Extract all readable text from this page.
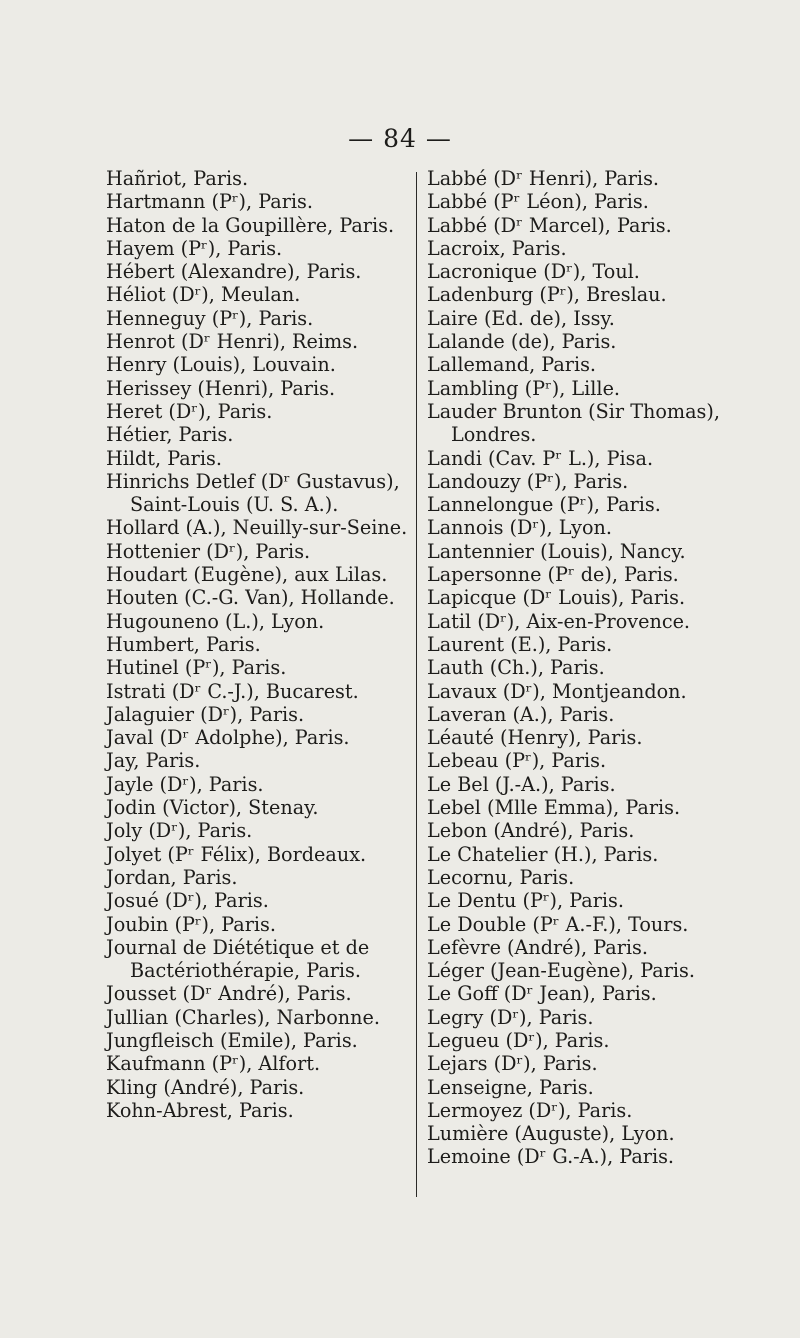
— 84 —
Hañriot, Paris.
Hartmann (Pʳ), Paris.
Haton de la Goupillère, Paris.
Hayem (Pʳ), Paris.
Hébert (Alexandre), Paris.
Héliot (Dʳ), Meulan.
Henneguy (Pʳ), Paris.
Henrot (Dʳ Henri), Reims.
Henry (Louis), Louvain.
Herissey (Henri), Paris.
Heret (Dʳ), Paris.
Hétier, Paris.
Hildt, Paris.
Hinrichs Detlef (Dʳ Gustavus), Saint-Louis (U. S. A.).
Hollard (A.), Neuilly-sur-Seine.
Hottenier (Dʳ), Paris.
Houdart (Eugène), aux Lilas.
Houten (C.-G. Van), Hollande.
Hugouneno (L.), Lyon.
Humbert, Paris.
Hutinel (Pʳ), Paris.
Istrati (Dʳ C.-J.), Bucarest.
Jalaguier (Dʳ), Paris.
Javal (Dʳ Adolphe), Paris.
Jay, Paris.
Jayle (Dʳ), Paris.
Jodin (Victor), Stenay.
Joly (Dʳ), Paris.
Jolyet (Pʳ Félix), Bordeaux.
Jordan, Paris.
Josué (Dʳ), Paris.
Joubin (Pʳ), Paris.
Journal de Diététique et de Bactériothérapie, Paris.
Jousset (Dʳ André), Paris.
Jullian (Charles), Narbonne.
Jungfleisch (Emile), Paris.
Kaufmann (Pʳ), Alfort.
Kling (André), Paris.
Kohn-Abrest, Paris.
Labbé (Dʳ Henri), Paris.
Labbé (Pʳ Léon), Paris.
Labbé (Dʳ Marcel), Paris.
Lacroix, Paris.
Lacronique (Dʳ), Toul.
Ladenburg (Pʳ), Breslau.
Laire (Ed. de), Issy.
Lalande (de), Paris.
Lallemand, Paris.
Lambling (Pʳ), Lille.
Lauder Brunton (Sir Thomas), Londres.
Landi (Cav. Pʳ L.), Pisa.
Landouzy (Pʳ), Paris.
Lannelongue (Pʳ), Paris.
Lannois (Dʳ), Lyon.
Lantennier (Louis), Nancy.
Lapersonne (Pʳ de), Paris.
Lapicque (Dʳ Louis), Paris.
Latil (Dʳ), Aix-en-Provence.
Laurent (E.), Paris.
Lauth (Ch.), Paris.
Lavaux (Dʳ), Montjeandon.
Laveran (A.), Paris.
Léauté (Henry), Paris.
Lebeau (Pʳ), Paris.
Le Bel (J.-A.), Paris.
Lebel (Mlle Emma), Paris.
Lebon (André), Paris.
Le Chatelier (H.), Paris.
Lecornu, Paris.
Le Dentu (Pʳ), Paris.
Le Double (Pʳ A.-F.), Tours.
Lefèvre (André), Paris.
Léger (Jean-Eugène), Paris.
Le Goff (Dʳ Jean), Paris.
Legry (Dʳ), Paris.
Leguеu (Dʳ), Paris.
Lejars (Dʳ), Paris.
Lenseigne, Paris.
Lermoyez (Dʳ), Paris.
Lumière (Auguste), Lyon.
Lemoine (Dʳ G.-A.), Paris.
